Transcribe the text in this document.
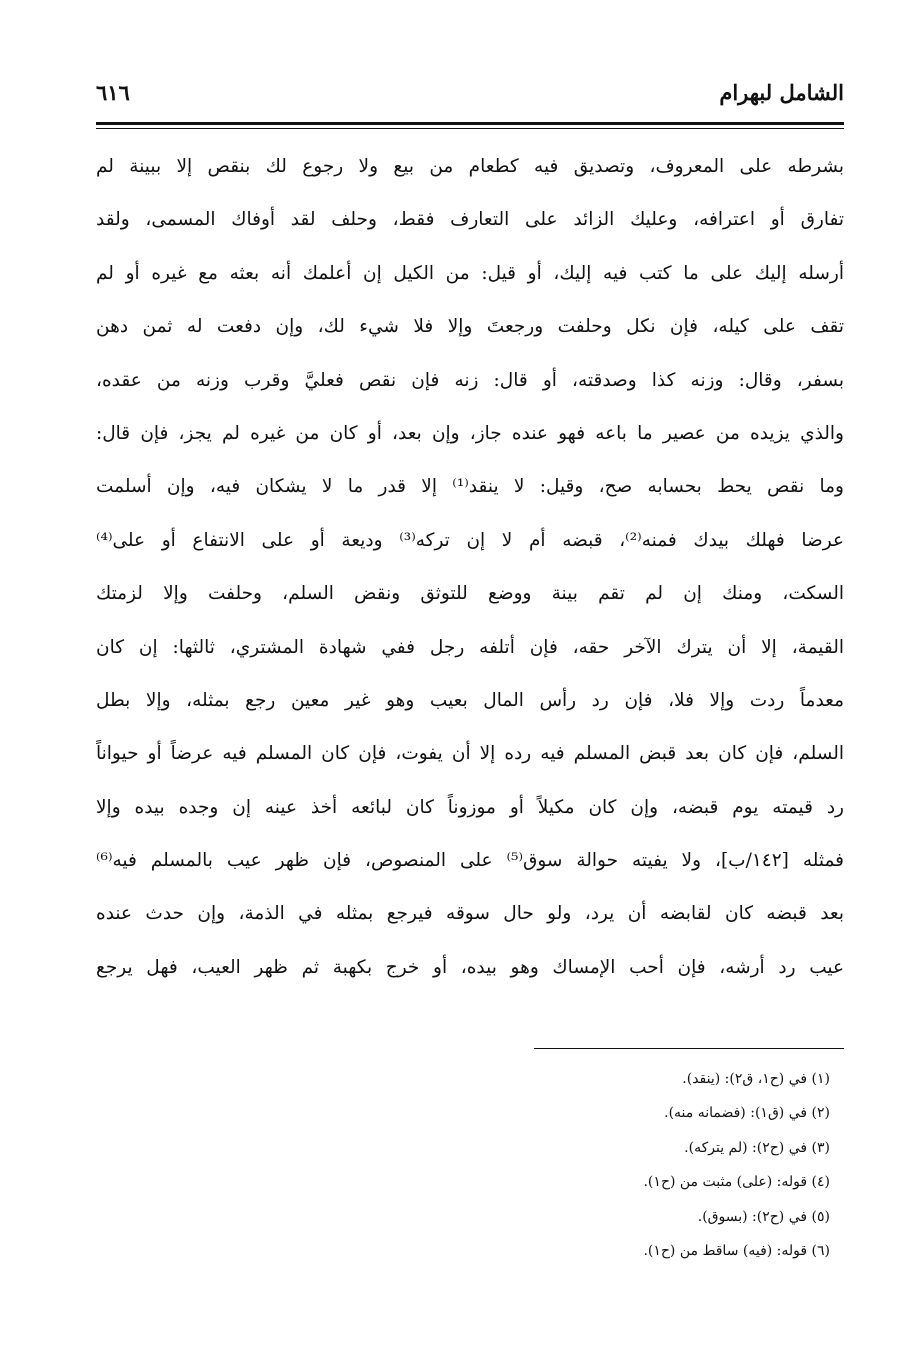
الشامل لبهرام
٦١٦
بشرطه على المعروف، وتصديق فيه كطعام من بيع ولا رجوع لك بنقص إلا ببينة لم
تفارق أو اعترافه، وعليك الزائد على التعارف فقط، وحلف لقد أوفاك المسمى، ولقد
أرسله إليك على ما كتب فيه إليك، أو قيل: من الكيل إن أعلمك أنه بعثه مع غيره أو لم
تقف على كيله، فإن نكل وحلفت ورجعتَ وإلا فلا شيء لك، وإن دفعت له ثمن دهن
بسفر، وقال: وزنه كذا وصدقته، أو قال: زنه فإن نقص فعليَّ وقرب وزنه من عقده،
والذي يزيده من عصير ما باعه فهو عنده جاز، وإن بعد، أو كان من غيره لم يجز، فإن قال:
وما نقص يحط بحسابه صح، وقيل: لا ينقد⁽¹⁾ إلا قدر ما لا يشكان فيه، وإن أسلمت
عرضا فهلك بيدك فمنه⁽²⁾، قبضه أم لا إن تركه⁽³⁾ وديعة أو على الانتفاع أو على⁽⁴⁾
السكت، ومنك إن لم تقم بينة ووضع للتوثق ونقض السلم، وحلفت وإلا لزمتك
القيمة، إلا أن يترك الآخر حقه، فإن أتلفه رجل ففي شهادة المشتري، ثالثها: إن كان
معدماً ردت وإلا فلا، فإن رد رأس المال بعيب وهو غير معين رجع بمثله، وإلا بطل
السلم، فإن كان بعد قبض المسلم فيه رده إلا أن يفوت، فإن كان المسلم فيه عرضاً أو حيواناً
رد قيمته يوم قبضه، وإن كان مكيلاً أو موزوناً كان لبائعه أخذ عينه إن وجده بيده وإلا
فمثله [١٤٢/ب]، ولا يفيته حوالة سوق⁽⁵⁾ على المنصوص، فإن ظهر عيب بالمسلم فيه⁽⁶⁾
بعد قبضه كان لقابضه أن يرد، ولو حال سوقه فيرجع بمثله في الذمة، وإن حدث عنده
عيب رد أرشه، فإن أحب الإمساك وهو بيده، أو خرج بكهبة ثم ظهر العيب، فهل يرجع
(١) في (ح١، ق٢): (ينقد).
(٢) في (ق١): (فضمانه منه).
(٣) في (ح٢): (لم يتركه).
(٤) قوله: (على) مثبت من (ح١).
(٥) في (ح٢): (بسوق).
(٦) قوله: (فيه) ساقط من (ح١).
